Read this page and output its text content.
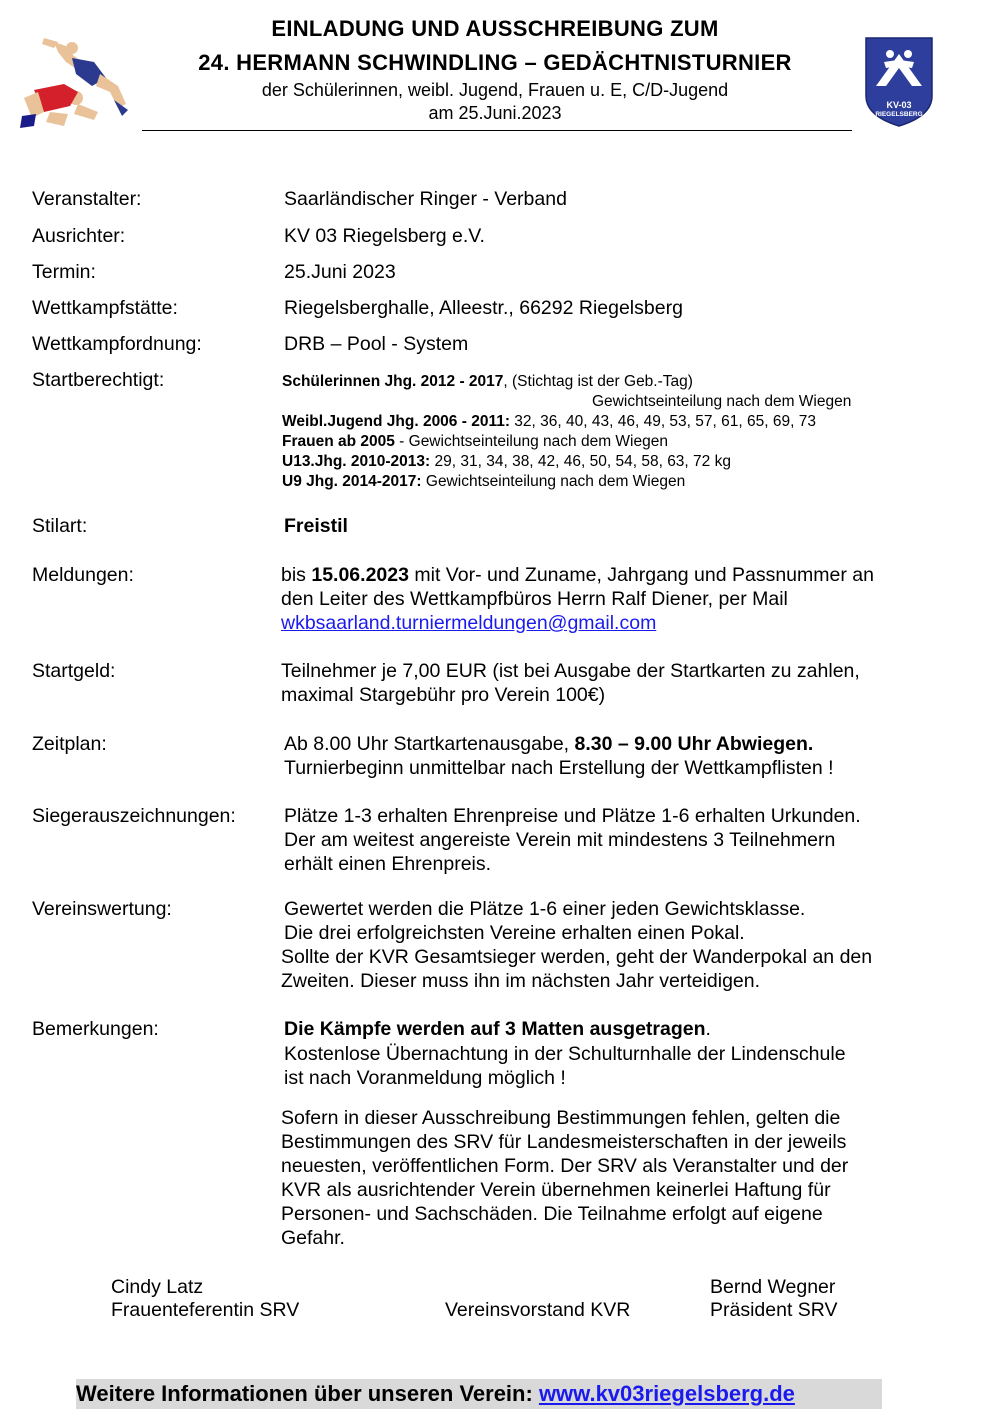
KV-03
RIEGELSBERG
EINLADUNG UND AUSSCHREIBUNG ZUM
24. HERMANN SCHWINDLING – GEDÄCHTNISTURNIER
der Schülerinnen, weibl. Jugend, Frauen u. E, C/D-Jugend
am 25.Juni.2023
Veranstalter:	Saarländischer Ringer - Verband
Ausrichter:	KV 03 Riegelsberg e.V.
Termin:	25.Juni 2023
Wettkampfstätte:	Riegelsberghalle, Alleestr., 66292 Riegelsberg
Wettkampfordnung:	DRB – Pool - System
Startberechtigt:	Schülerinnen Jhg. 2012 - 2017, (Stichtag ist der Geb.-Tag)
Gewichtseinteilung nach dem Wiegen
Weibl.Jugend Jhg. 2006 - 2011: 32, 36, 40, 43, 46, 49, 53, 57, 61, 65, 69, 73
Frauen ab 2005 - Gewichtseinteilung nach dem Wiegen
U13.Jhg. 2010-2013: 29, 31, 34, 38, 42, 46, 50, 54, 58, 63, 72 kg
U9 Jhg. 2014-2017: Gewichtseinteilung nach dem Wiegen
Stilart:	Freistil
Meldungen:	bis 15.06.2023 mit Vor- und Zuname, Jahrgang und Passnummer an
den Leiter des Wettkampfbüros Herrn Ralf Diener, per Mail
wkbsaarland.turniermeldungen@gmail.com
Startgeld:	Teilnehmer je 7,00 EUR (ist bei Ausgabe der Startkarten zu zahlen,
maximal Stargebühr pro Verein 100€)
Zeitplan:	Ab 8.00 Uhr Startkartenausgabe, 8.30 – 9.00 Uhr Abwiegen.
Turnierbeginn unmittelbar nach Erstellung der Wettkampflisten !
Siegerauszeichnungen: Plätze 1-3 erhalten Ehrenpreise und Plätze 1-6 erhalten Urkunden.
Der am weitest angereiste Verein mit mindestens 3 Teilnehmern
erhält einen Ehrenpreis.
Vereinswertung:	Gewertet werden die Plätze 1-6 einer jeden Gewichtsklasse.
Die drei erfolgreichsten Vereine erhalten einen Pokal.
Sollte der KVR Gesamtsieger werden, geht der Wanderpokal an den
Zweiten. Dieser muss ihn im nächsten Jahr verteidigen.
Bemerkungen:	Die Kämpfe werden auf 3 Matten ausgetragen.
Kostenlose Übernachtung in der Schulturnhalle der Lindenschule
ist nach Voranmeldung möglich !
Sofern in dieser Ausschreibung Bestimmungen fehlen, gelten die
Bestimmungen des SRV für Landesmeisterschaften in der jeweils
neuesten, veröffentlichen Form. Der SRV als Veranstalter und der
KVR als ausrichtender Verein übernehmen keinerlei Haftung für
Personen- und Sachschäden. Die Teilnahme erfolgt auf eigene
Gefahr.
Cindy Latz
Frauenteferentin SRV	Vereinsvorstand KVR
Bernd Wegner
Präsident SRV
Weitere Informationen über unseren Verein: www.kv03riegelsberg.de
